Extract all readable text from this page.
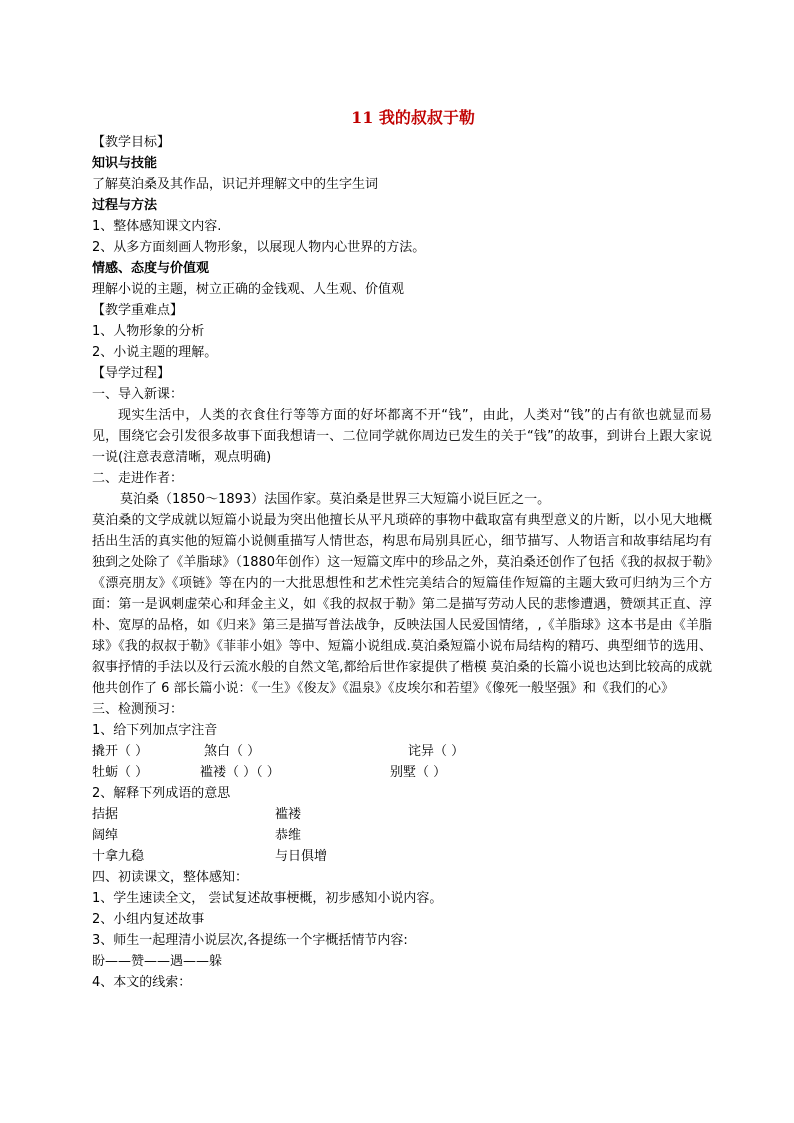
11 我的叔叔于勒
【教学目标】
知识与技能
了解莫泊桑及其作品，识记并理解文中的生字生词
过程与方法
1、整体感知课文内容.
2、从多方面刻画人物形象，以展现人物内心世界的方法。
情感、态度与价值观
理解小说的主题，树立正确的金钱观、人生观、价值观
【教学重难点】
1、人物形象的分析
2、小说主题的理解。
【导学过程】
一、导入新课：
现实生活中，人类的衣食住行等等方面的好坏都离不开“钱”，由此，人类对“钱”的占有欲也就显而易见，围绕它会引发很多故事下面我想请一、二位同学就你周边已发生的关于“钱”的故事，到讲台上跟大家说一说(注意表意清晰，观点明确)
二、走进作者：
莫泊桑（1850～1893）法国作家。莫泊桑是世界三大短篇小说巨匠之一。
莫泊桑的文学成就以短篇小说最为突出他擅长从平凡琐碎的事物中截取富有典型意义的片断，以小见大地概括出生活的真实他的短篇小说侧重描写人情世态，构思布局别具匠心，细节描写、人物语言和故事结尾均有独到之处除了《羊脂球》（1880年创作）这一短篇文库中的珍品之外，莫泊桑还创作了包括《我的叔叔于勒》《漂亮朋友》《项链》等在内的一大批思想性和艺术性完美结合的短篇佳作短篇的主题大致可归纳为三个方面：第一是讽刺虚荣心和拜金主义，如《我的叔叔于勒》第二是描写劳动人民的悲惨遭遇，赞颂其正直、淳朴、宽厚的品格，如《归来》第三是描写普法战争，反映法国人民爱国情绪，,《羊脂球》这本书是由《羊脂球》《我的叔叔于勒》《菲菲小姐》等中、短篇小说组成.莫泊桑短篇小说布局结构的精巧、典型细节的选用、叙事抒情的手法以及行云流水般的自然文笔,都给后世作家提供了楷模 莫泊桑的长篇小说也达到比较高的成就他共创作了 6 部长篇小说：《一生》《俊友》《温泉》《皮埃尔和若望》《像死一般坚强》和《我们的心》
三、检测预习：
1、给下列加点字注音
撬开（ ）	煞白（ ）	诧异（ ）
牡蛎（ ）	褴褛（ ）（ ）	别墅（ ）
2、解释下列成语的意思
拮据	褴褛
阔绰	恭维
十拿九稳	与日俱增
四、初读课文，整体感知：
1、学生速读全文， 尝试复述故事梗概，初步感知小说内容。
2、小组内复述故事
3、师生一起理清小说层次,各提练一个字概括情节内容:
盼——赞——遇——躲
4、本文的线索：
